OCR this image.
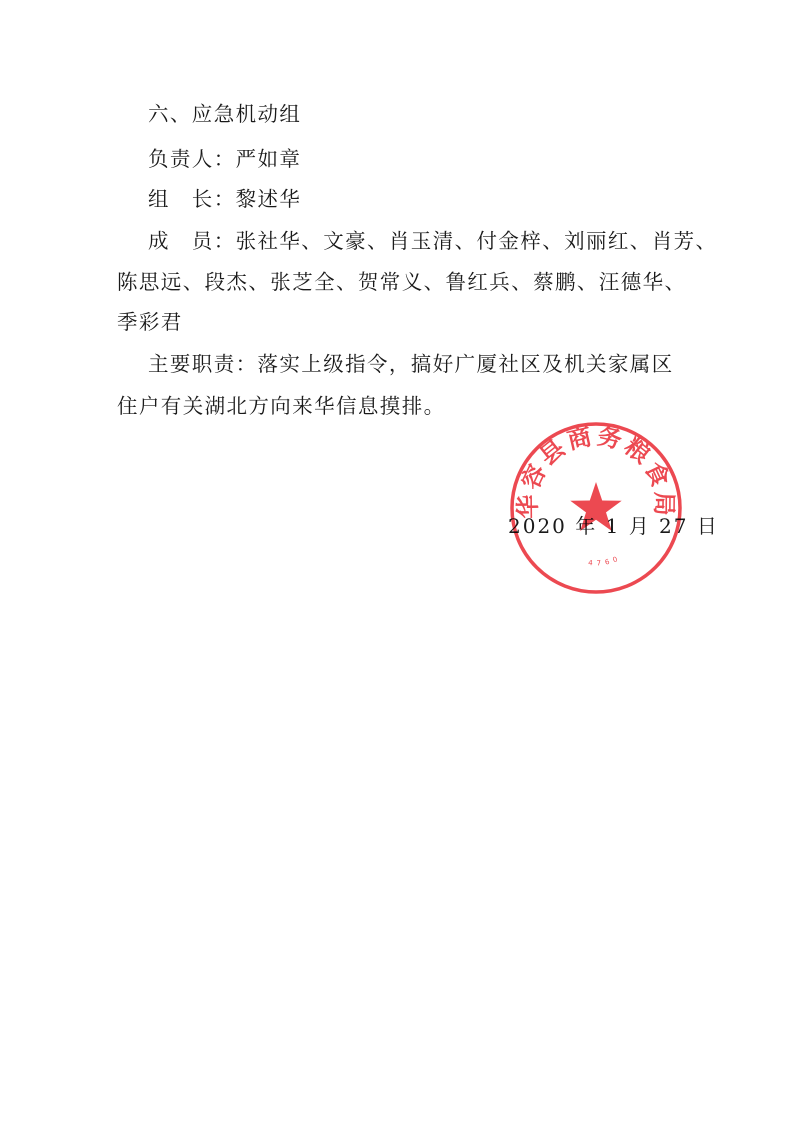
六、应急机动组
负责人：严如章
组　长：黎述华
成　员：张社华、文豪、肖玉清、付金梓、刘丽红、肖芳、
陈思远、段杰、张芝全、贺常义、鲁红兵、蔡鹏、汪德华、
季彩君
主要职责：落实上级指令，搞好广厦社区及机关家属区
住户有关湖北方向来华信息摸排。
2020 年 1 月 27 日
华容县商务粮食局
4 7 6 0
